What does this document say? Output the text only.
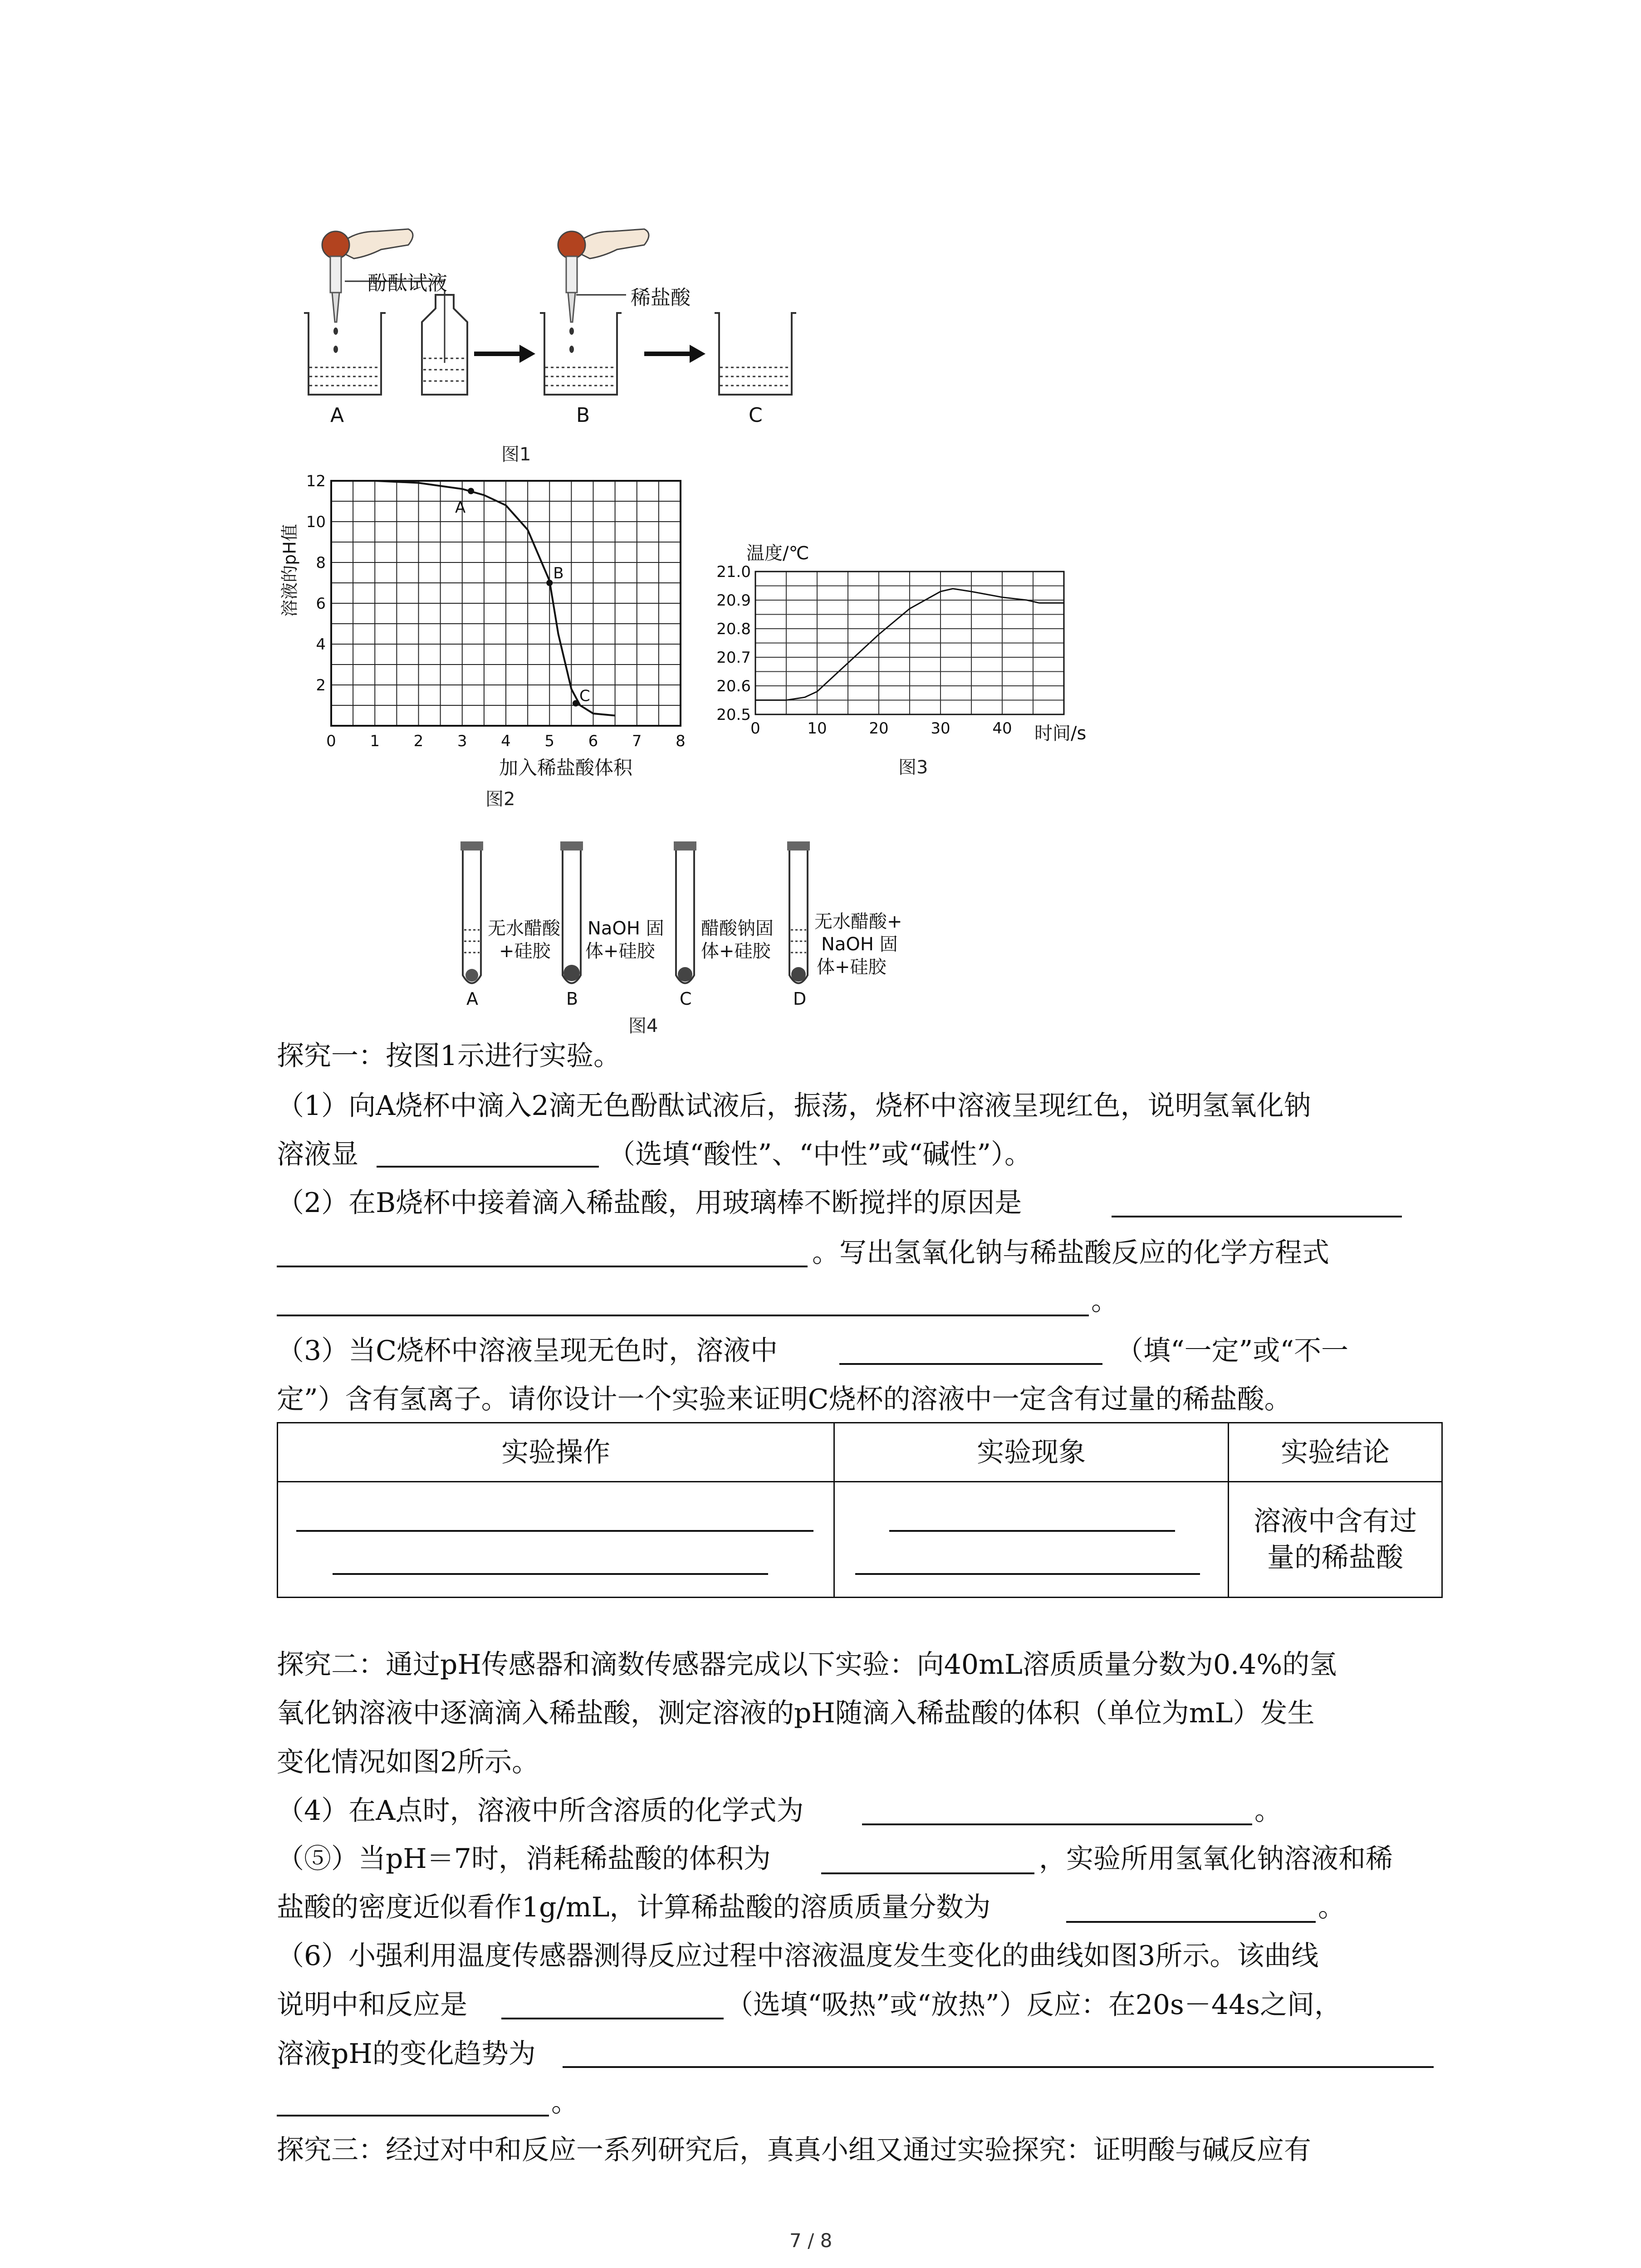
酚酞试液
稀盐酸
A	B	C
图1
0 1 2 3 4 5 6 7 8
2
4
6
8
10
12
A
B
C
溶液的pH值
加入稀盐酸体积
图2
0	10	20	30	40
20.5
20.6
20.7
20.8
20.9
21.0
温度/℃
时间/s
图3
无水醋酸
+硅胶
NaOH 固
体+硅胶
醋酸钠固
体+硅胶
无水醋酸+
NaOH 固
体+硅胶
A	B	C	D
图4
探究一：按图1示进行实验。
（1）向A烧杯中滴入2滴无色酚酞试液后，振荡，烧杯中溶液呈现红色，说明氢氧化钠
溶液显	（选填“酸性”、“中性”或“碱性”）。
（2）在B烧杯中接着滴入稀盐酸，用玻璃棒不断搅拌的原因是
。写出氢氧化钠与稀盐酸反应的化学方程式
。
（3）当C烧杯中溶液呈现无色时，溶液中	（填“一定”或“不一
定”）含有氢离子。请你设计一个实验来证明C烧杯的溶液中一定含有过量的稀盐酸。
实验操作	实验现象	实验结论

		溶液中含有过
量的稀盐酸
探究二：通过pH传感器和滴数传感器完成以下实验：向40mL溶质质量分数为0.4%的氢
氧化钠溶液中逐滴滴入稀盐酸，测定溶液的pH随滴入稀盐酸的体积（单位为mL）发生
变化情况如图2所示。
（4）在A点时，溶液中所含溶质的化学式为	。
（⑤）当pH＝7时，消耗稀盐酸的体积为	，实验所用氢氧化钠溶液和稀
盐酸的密度近似看作1g/mL，计算稀盐酸的溶质质量分数为	。
（6）小强利用温度传感器测得反应过程中溶液温度发生变化的曲线如图3所示。该曲线
说明中和反应是	（选填“吸热”或“放热”）反应：在20s－44s之间，
溶液pH的变化趋势为
。
探究三：经过对中和反应一系列研究后，真真小组又通过实验探究：证明酸与碱反应有
7 / 8
